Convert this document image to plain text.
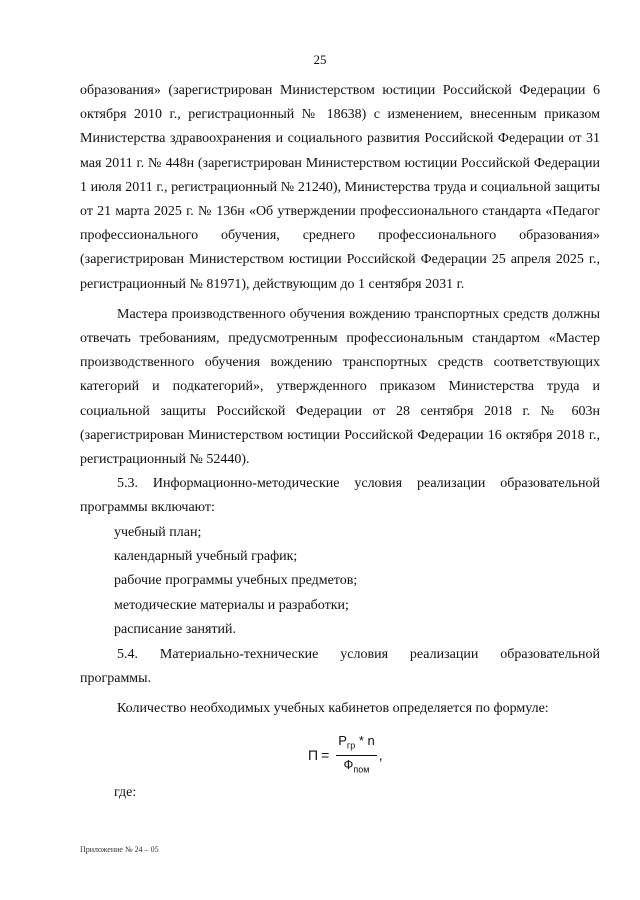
25

образования» (зарегистрирован Министерством юстиции Российской Федерации 6 октября 2010 г., регистрационный № 18638) с изменением, внесенным приказом Министерства здравоохранения и социального развития Российской Федерации от 31 мая 2011 г. № 448н (зарегистрирован Министерством юстиции Российской Федерации 1 июля 2011 г., регистрационный № 21240), Министерства труда и социальной защиты от 21 марта 2025 г. № 136н «Об утверждении профессионального стандарта «Педагог профессионального обучения, среднего профессионального образования» (зарегистрирован Министерством юстиции Российской Федерации 25 апреля 2025 г., регистрационный № 81971), действующим до 1 сентября 2031 г.

Мастера производственного обучения вождению транспортных средств должны отвечать требованиям, предусмотренным профессиональным стандартом «Мастер производственного обучения вождению транспортных средств соответствующих категорий и подкатегорий», утвержденного приказом Министерства труда и социальной защиты Российской Федерации от 28 сентября 2018 г. № 603н (зарегистрирован Министерством юстиции Российской Федерации 16 октября 2018 г., регистрационный № 52440).

5.3. Информационно-методические условия реализации образовательной программы включают:

учебный план;

календарный учебный график;

рабочие программы учебных предметов;

методические материалы и разработки;

расписание занятий.

5.4. Материально-технические условия реализации образовательной программы.

Количество необходимых учебных кабинетов определяется по формуле:

$П = \frac{Р_{гр} * n}{Ф_{пом}}$ ,

где:

Приложение № 24 – 05
